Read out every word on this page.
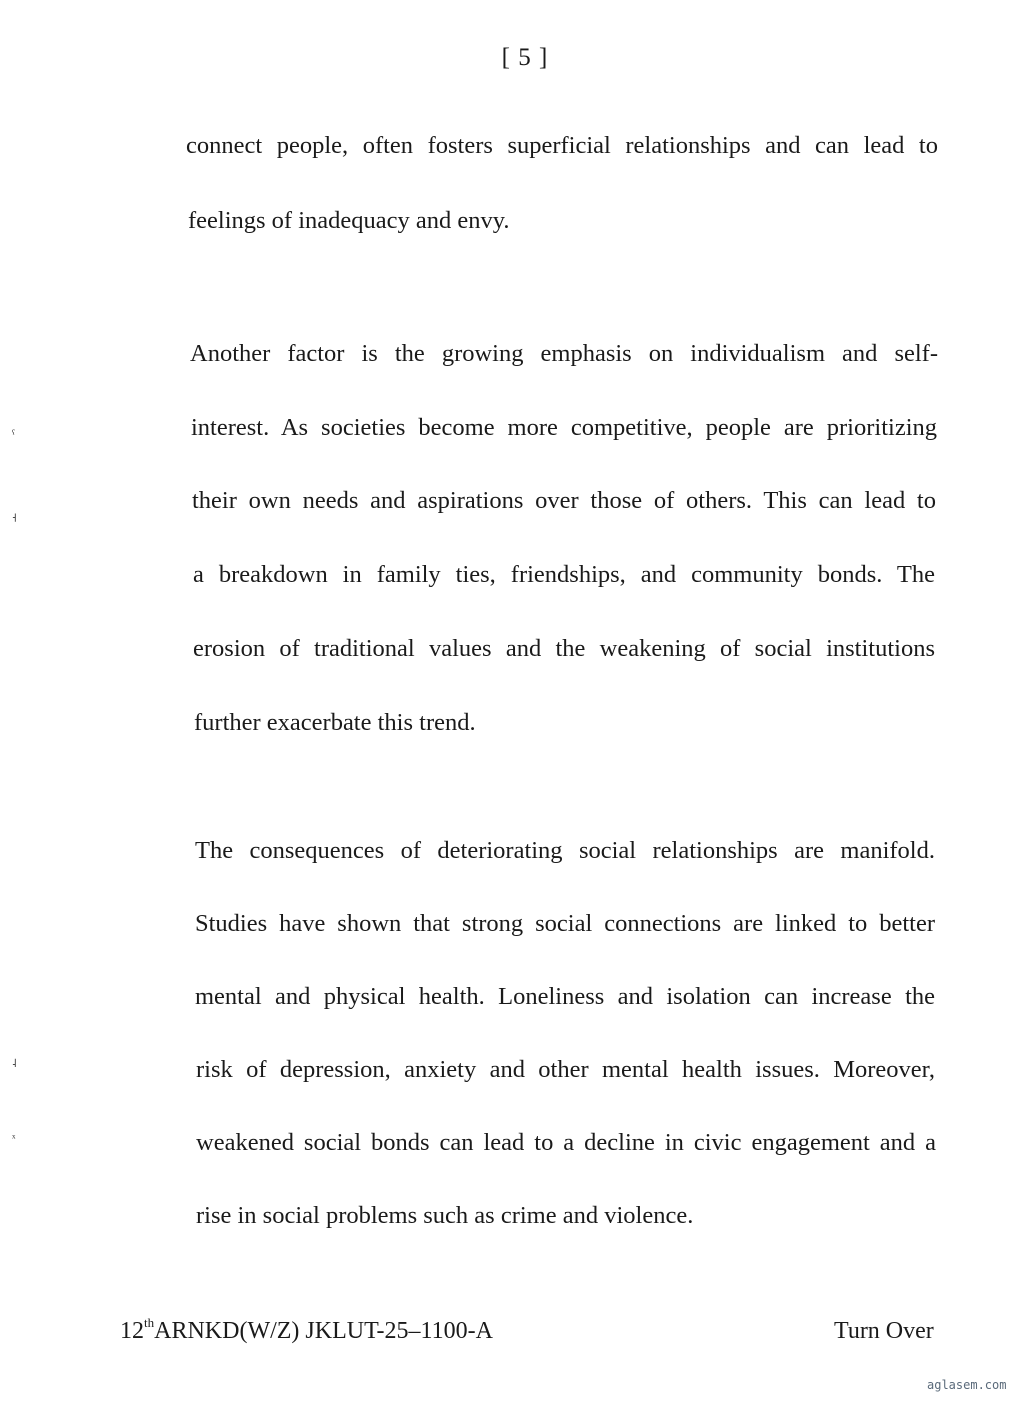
[ 5 ]
connect people, often fosters superficial relationships and can lead to
feelings of inadequacy and envy.
Another factor is the growing emphasis on individualism and self-
interest. As societies become more competitive, people are prioritizing
their own needs and aspirations over those of others. This can lead to
a breakdown in family ties, friendships, and community bonds. The
erosion of traditional values and the weakening of social institutions
further exacerbate this trend.
The consequences of deteriorating social relationships are manifold.
Studies have shown that strong social connections are linked to better
mental and physical health. Loneliness and isolation can increase the
risk of depression, anxiety and other mental health issues. Moreover,
weakened social bonds can lead to a decline in civic engagement and a
rise in social problems such as crime and violence.
12thARNKD(W/Z) JKLUT-25–1100-A	Turn Over
aglasem.com
ˤ
˧
˨
ˣ
